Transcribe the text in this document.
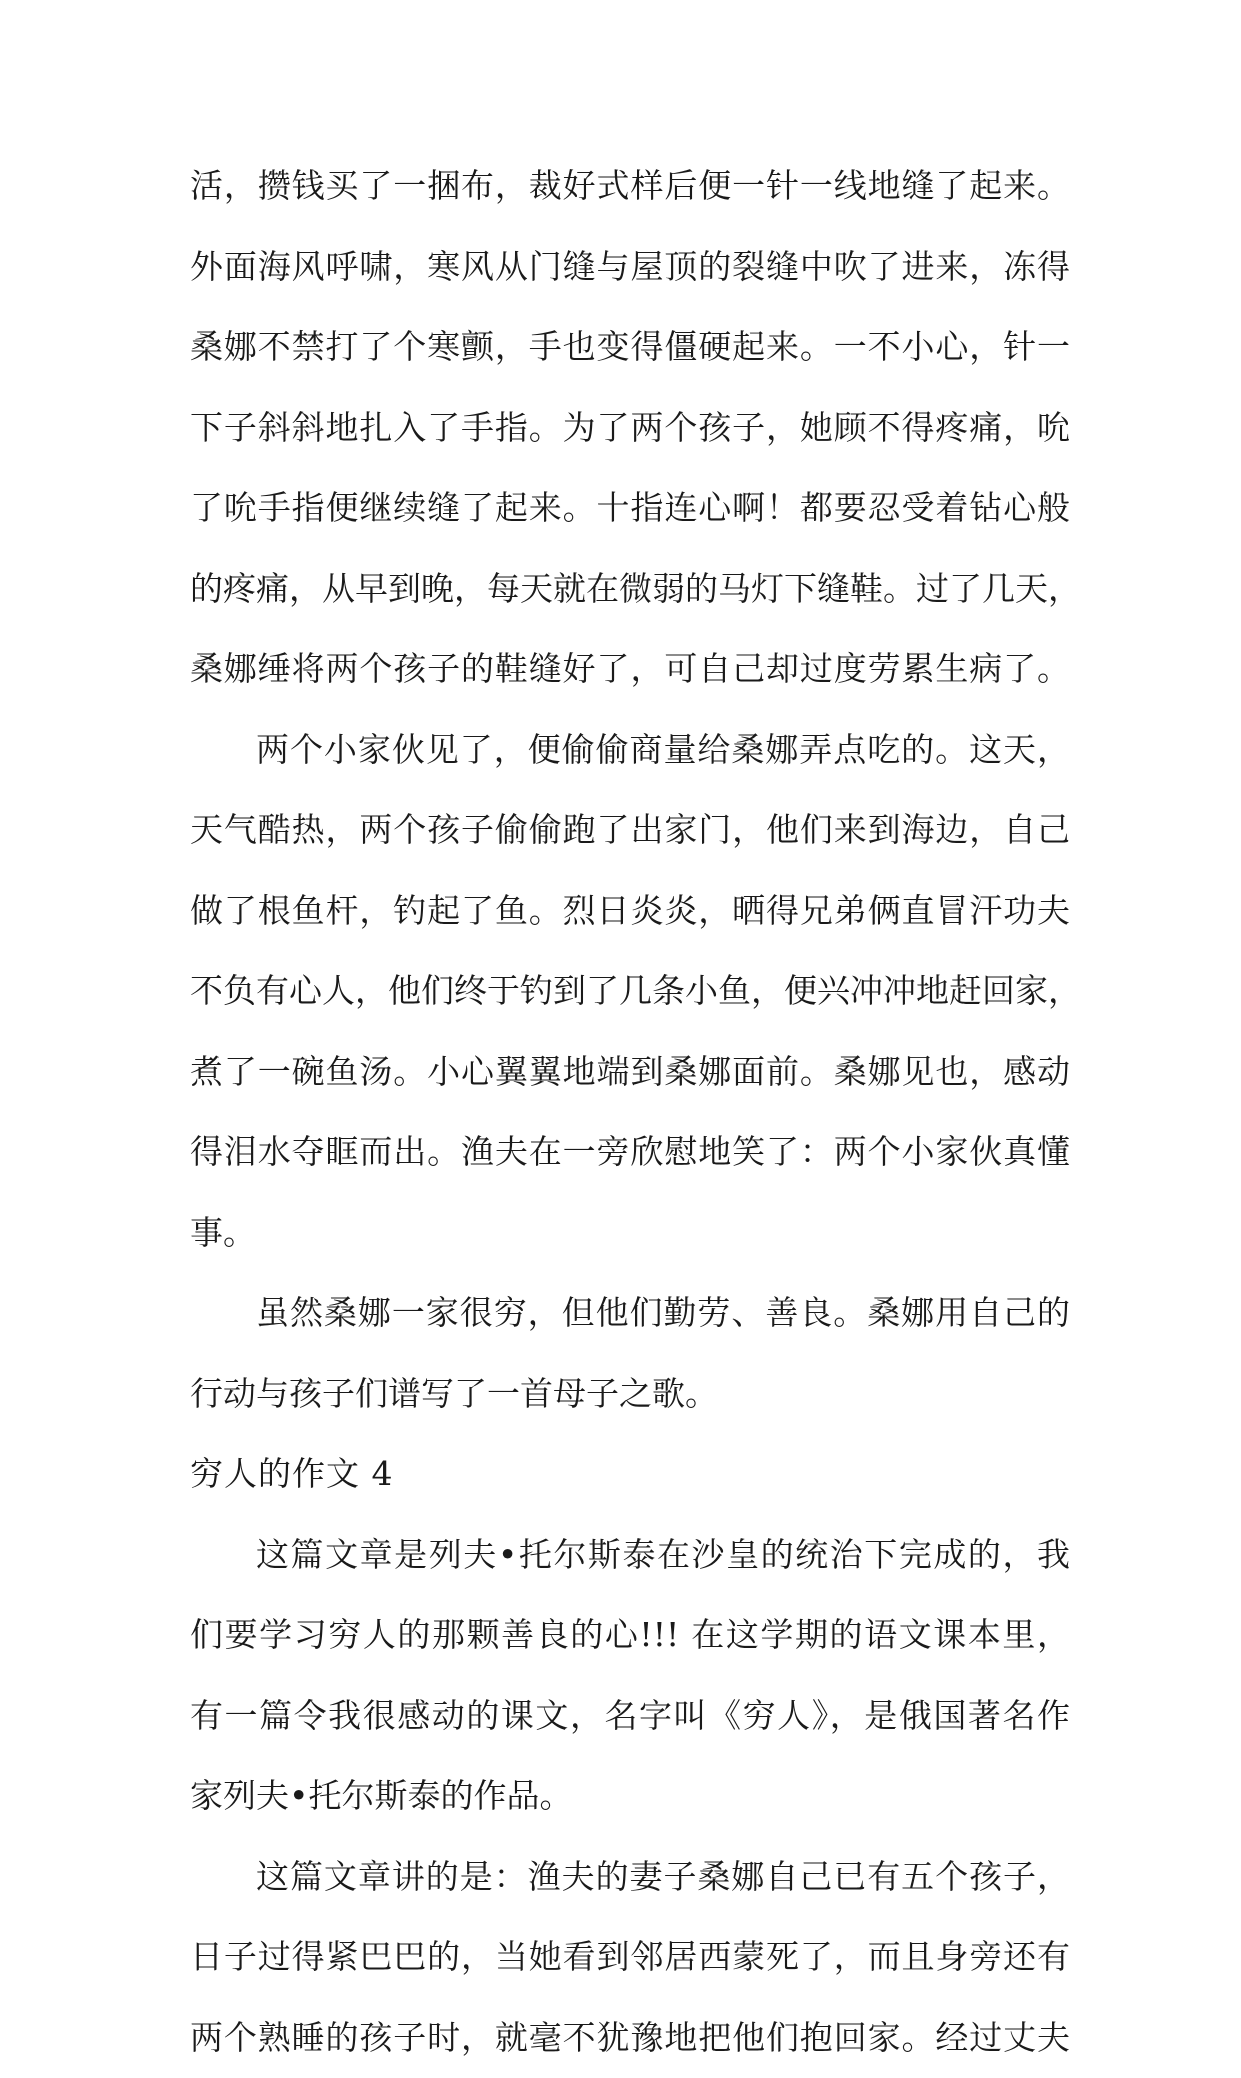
活，攒钱买了一捆布，裁好式样后便一针一线地缝了起来。
外面海风呼啸，寒风从门缝与屋顶的裂缝中吹了进来，冻得
桑娜不禁打了个寒颤，手也变得僵硬起来。一不小心，针一
下子斜斜地扎入了手指。为了两个孩子，她顾不得疼痛，吮
了吮手指便继续缝了起来。十指连心啊！都要忍受着钻心般
的疼痛，从早到晚，每天就在微弱的马灯下缝鞋。过了几天，
桑娜缍将两个孩子的鞋缝好了，可自己却过度劳累生病了。
两个小家伙见了，便偷偷商量给桑娜弄点吃的。这天，
天气酷热，两个孩子偷偷跑了出家门，他们来到海边，自己
做了根鱼杆，钓起了鱼。烈日炎炎，晒得兄弟俩直冒汗功夫
不负有心人，他们终于钓到了几条小鱼，便兴冲冲地赶回家，
煮了一碗鱼汤。小心翼翼地端到桑娜面前。桑娜见也，感动
得泪水夺眶而出。渔夫在一旁欣慰地笑了：两个小家伙真懂
事。
虽然桑娜一家很穷，但他们勤劳、善良。桑娜用自己的
行动与孩子们谱写了一首母子之歌。
穷人的作文 4
这篇文章是列夫•托尔斯泰在沙皇的统治下完成的，我
们要学习穷人的那颗善良的心!!! 在这学期的语文课本里，
有一篇令我很感动的课文，名字叫《穷人》，是俄国著名作
家列夫•托尔斯泰的作品。
这篇文章讲的是：渔夫的妻子桑娜自己已有五个孩子，
日子过得紧巴巴的，当她看到邻居西蒙死了，而且身旁还有
两个熟睡的孩子时，就毫不犹豫地把他们抱回家。经过丈夫
